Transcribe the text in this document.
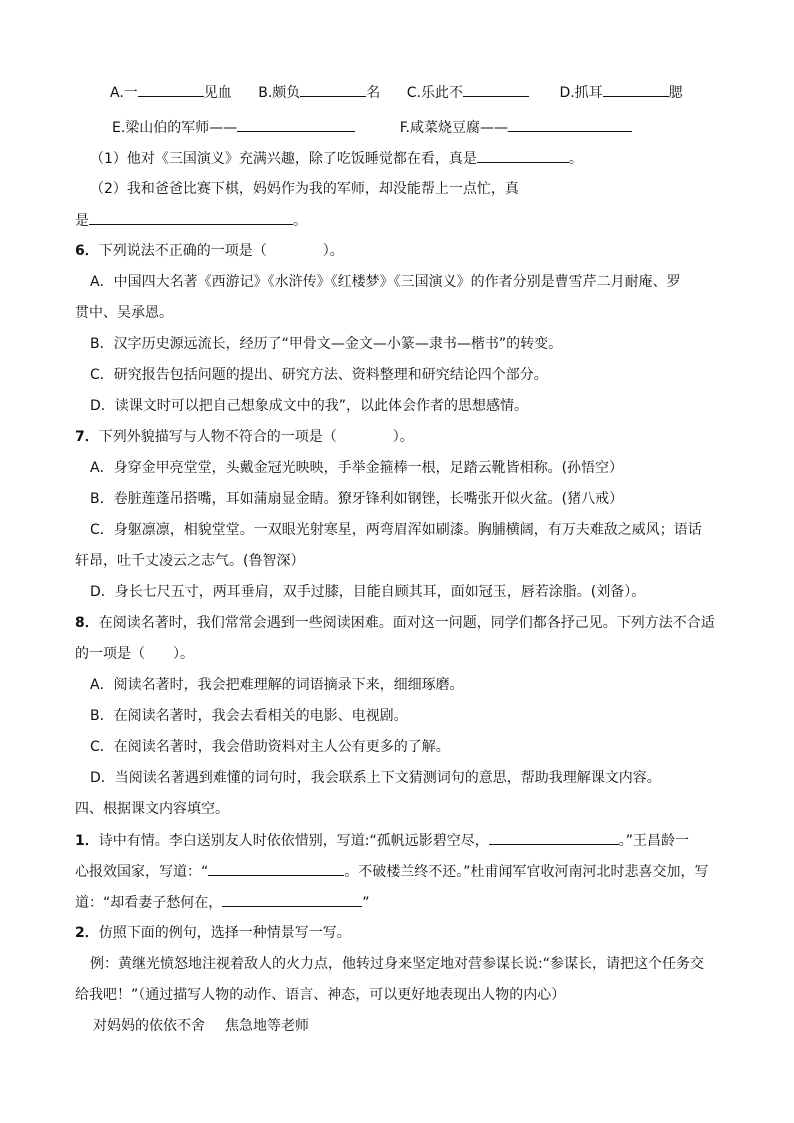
A.一	见血 B.颇负	名 C.乐此不	D.抓耳	腮
E.梁山伯的军师——	F.咸菜烧豆腐——
（1）他对《三国演义》充满兴趣，除了吃饭睡觉都在看，真是	。
（2）我和爸爸比赛下棋，妈妈作为我的军师，却没能帮上一点忙，真
是	。
6．下列说法不正确的一项是（　　　　）。
A．中国四大名著《西游记》《水浒传》《红楼梦》《三国演义》的作者分别是曹雪芹二月耐庵、罗
贯中、吴承恩。
B．汉字历史源远流长，经历了“甲骨文—金文—小篆—隶书—楷书”的转变。
C．研究报告包括问题的提出、研究方法、资料整理和研究结论四个部分。
D．读课文时可以把自己想象成文中的我”，以此体会作者的思想感情。
7．下列外貌描写与人物不符合的一项是（　　　　）。
A．身穿金甲亮堂堂，头戴金冠光映映，手举金箍棒一根，足踏云靴皆相称。(孙悟空）
B．卷脏莲蓬吊搭嘴，耳如蒲扇显金睛。獠牙锋利如钢锉，长嘴张开似火盆。(猪八戒）
C．身躯凛凛，相貌堂堂。一双眼光射寒星，两弯眉浑如刷漆。胸脯横阔，有万夫难敌之威风；语话
轩昂，吐千丈凌云之志气。(鲁智深）
D．身长七尺五寸，两耳垂肩，双手过膝，目能自顾其耳，面如冠玉，唇若涂脂。(刘备）。
8．在阅读名著时，我们常常会遇到一些阅读困难。面对这一问题，同学们都各抒己见。下列方法不合适
的一项是（　　）。
A．阅读名著时，我会把难理解的词语摘录下来，细细琢磨。
B．在阅读名著时，我会去看相关的电影、电视剧。
C．在阅读名著时，我会借助资料对主人公有更多的了解。
D．当阅读名著遇到难懂的词句时，我会联系上下文猜测词句的意思，帮助我理解课文内容。
四、根据课文内容填空。
1．诗中有情。李白送别友人时依依惜别，写道:“孤帆远影碧空尽，	。”王昌龄一
心报效国家，写道：“	。不破楼兰终不还。”杜甫闻军官收河南河北时悲喜交加，写
道：“却看妻子愁何在，	”
2．仿照下面的例句，选择一种情景写一写。
例：黄继光愤怒地注视着敌人的火力点，他转过身来坚定地对营参谋长说:“参谋长，请把这个任务交
给我吧！”（通过描写人物的动作、语言、神态，可以更好地表现出人物的内心）
对妈妈的依依不舍 焦急地等老师
